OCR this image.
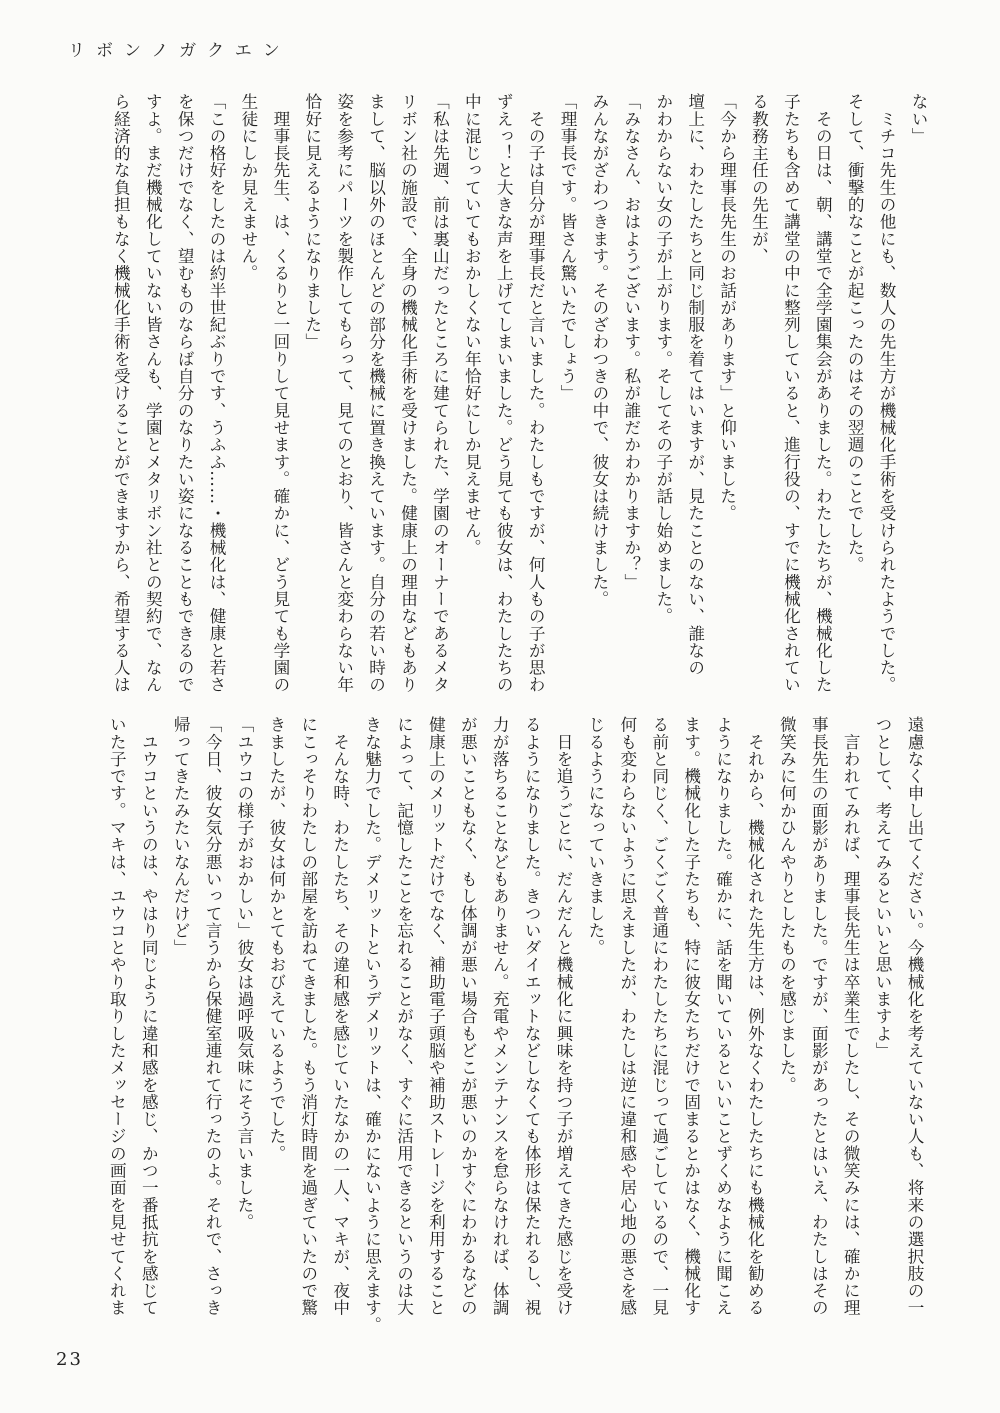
リボンノガクエン
ない」
　ミチコ先生の他にも、数人の先生方が機械化手術を受けられたようでした。
そして、衝撃的なことが起こったのはその翌週のことでした。
　その日は、朝、講堂で全学園集会がありました。わたしたちが、機械化した
子たちも含めて講堂の中に整列していると、進行役の、すでに機械化されてい
る教務主任の先生が、
「今から理事長先生のお話があります」と仰いました。
壇上に、わたしたちと同じ制服を着てはいますが、見たことのない、誰なの
かわからない女の子が上がります。そしてその子が話し始めました。
「みなさん、おはようございます。私が誰だかわかりますか？」
みんながざわつきます。そのざわつきの中で、彼女は続けました。
「理事長です。皆さん驚いたでしょう」
　その子は自分が理事長だと言いました。わたしもですが、何人もの子が思わ
ずえっ！と大きな声を上げてしまいました。どう見ても彼女は、わたしたちの
中に混じっていてもおかしくない年恰好にしか見えません。
「私は先週、前は裏山だったところに建てられた、学園のオーナーであるメタ
リボン社の施設で、全身の機械化手術を受けました。健康上の理由などもあり
まして、脳以外のほとんどの部分を機械に置き換えています。自分の若い時の
姿を参考にパーツを製作してもらって、見てのとおり、皆さんと変わらない年
恰好に見えるようになりました」
　理事長先生、は、くるりと一回りして見せます。確かに、どう見ても学園の
生徒にしか見えません。
「この格好をしたのは約半世紀ぶりです、うふふ……・機械化は、健康と若さ
を保つだけでなく、望むものならば自分のなりたい姿になることもできるので
すよ。まだ機械化していない皆さんも、学園とメタリボン社との契約で、なん
ら経済的な負担もなく機械化手術を受けることができますから、希望する人は
遠慮なく申し出てください。今機械化を考えていない人も、将来の選択肢の一
つとして、考えてみるといいと思いますよ」
　言われてみれば、理事長先生は卒業生でしたし、その微笑みには、確かに理
事長先生の面影がありました。ですが、面影があったとはいえ、わたしはその
微笑みに何かひんやりとしたものを感じました。
　それから、機械化された先生方は、例外なくわたしたちにも機械化を勧める
ようになりました。確かに、話を聞いているといいことずくめなように聞こえ
ます。機械化した子たちも、特に彼女たちだけで固まるとかはなく、機械化す
る前と同じく、ごくごく普通にわたしたちに混じって過ごしているので、一見
何も変わらないように思えましたが、わたしは逆に違和感や居心地の悪さを感
じるようになっていきました。
　日を追うごとに、だんだんと機械化に興味を持つ子が増えてきた感じを受け
るようになりました。きついダイエットなどしなくても体形は保たれるし、視
力が落ちることなどもありません。充電やメンテナンスを怠らなければ、体調
が悪いこともなく、もし体調が悪い場合もどこが悪いのかすぐにわかるなどの
健康上のメリットだけでなく、補助電子頭脳や補助ストレージを利用すること
によって、記憶したことを忘れることがなく、すぐに活用できるというのは大
きな魅力でした。デメリットというデメリットは、確かにないように思えます。
　そんな時、わたしたち、その違和感を感じていたなかの一人、マキが、夜中
にこっそりわたしの部屋を訪ねてきました。もう消灯時間を過ぎていたので驚
きましたが、彼女は何かとてもおびえているようでした。
「ユウコの様子がおかしい」彼女は過呼吸気味にそう言いました。
「今日、彼女気分悪いって言うから保健室連れて行ったのよ。それで、さっき
帰ってきたみたいなんだけど」
　ユウコというのは、やはり同じように違和感を感じ、かつ一番抵抗を感じて
いた子です。マキは、ユウコとやり取りしたメッセージの画面を見せてくれま
23
